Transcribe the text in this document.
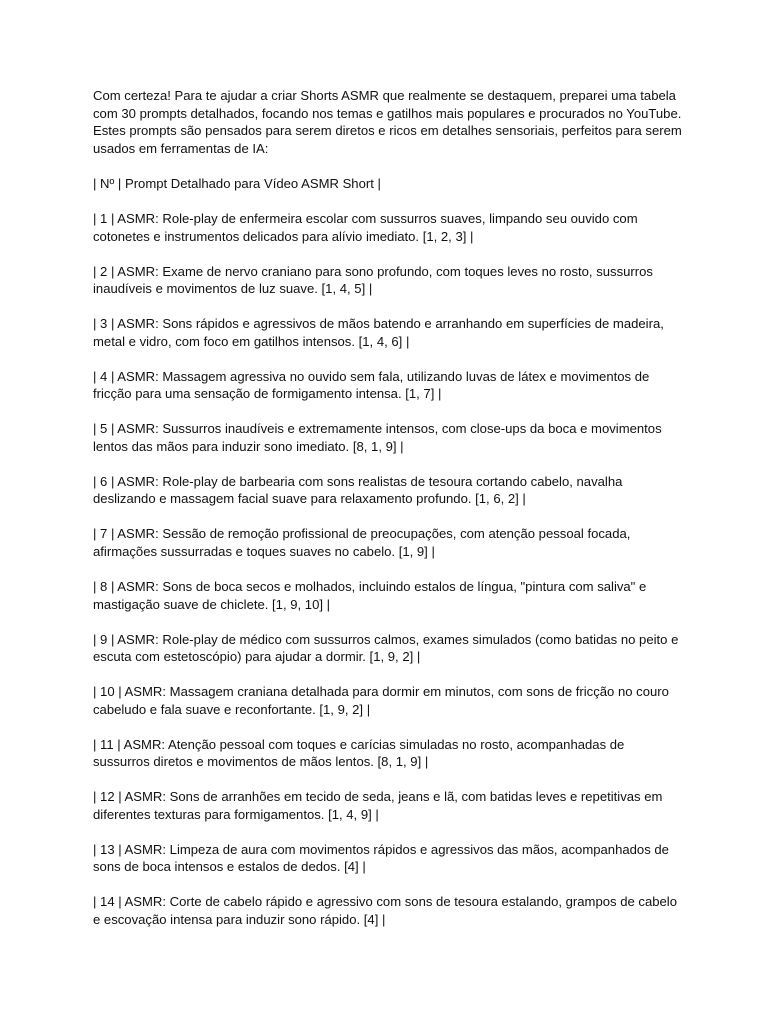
Com certeza! Para te ajudar a criar Shorts ASMR que realmente se destaquem, preparei uma tabela com 30 prompts detalhados, focando nos temas e gatilhos mais populares e procurados no YouTube. Estes prompts são pensados para serem diretos e ricos em detalhes sensoriais, perfeitos para serem usados em ferramentas de IA:

| Nº | Prompt Detalhado para Vídeo ASMR Short |

| 1 | ASMR: Role-play de enfermeira escolar com sussurros suaves, limpando seu ouvido com cotonetes e instrumentos delicados para alívio imediato. [1, 2, 3] |

| 2 | ASMR: Exame de nervo craniano para sono profundo, com toques leves no rosto, sussurros inaudíveis e movimentos de luz suave. [1, 4, 5] |

| 3 | ASMR: Sons rápidos e agressivos de mãos batendo e arranhando em superfícies de madeira, metal e vidro, com foco em gatilhos intensos. [1, 4, 6] |

| 4 | ASMR: Massagem agressiva no ouvido sem fala, utilizando luvas de látex e movimentos de fricção para uma sensação de formigamento intensa. [1, 7] |

| 5 | ASMR: Sussurros inaudíveis e extremamente intensos, com close-ups da boca e movimentos lentos das mãos para induzir sono imediato. [8, 1, 9] |

| 6 | ASMR: Role-play de barbearia com sons realistas de tesoura cortando cabelo, navalha deslizando e massagem facial suave para relaxamento profundo. [1, 6, 2] |

| 7 | ASMR: Sessão de remoção profissional de preocupações, com atenção pessoal focada, afirmações sussurradas e toques suaves no cabelo. [1, 9] |

| 8 | ASMR: Sons de boca secos e molhados, incluindo estalos de língua, "pintura com saliva" e mastigação suave de chiclete. [1, 9, 10] |

| 9 | ASMR: Role-play de médico com sussurros calmos, exames simulados (como batidas no peito e escuta com estetoscópio) para ajudar a dormir. [1, 9, 2] |

| 10 | ASMR: Massagem craniana detalhada para dormir em minutos, com sons de fricção no couro cabeludo e fala suave e reconfortante. [1, 9, 2] |

| 11 | ASMR: Atenção pessoal com toques e carícias simuladas no rosto, acompanhadas de sussurros diretos e movimentos de mãos lentos. [8, 1, 9] |

| 12 | ASMR: Sons de arranhões em tecido de seda, jeans e lã, com batidas leves e repetitivas em diferentes texturas para formigamentos. [1, 4, 9] |

| 13 | ASMR: Limpeza de aura com movimentos rápidos e agressivos das mãos, acompanhados de sons de boca intensos e estalos de dedos. [4] |

| 14 | ASMR: Corte de cabelo rápido e agressivo com sons de tesoura estalando, grampos de cabelo e escovação intensa para induzir sono rápido. [4] |
